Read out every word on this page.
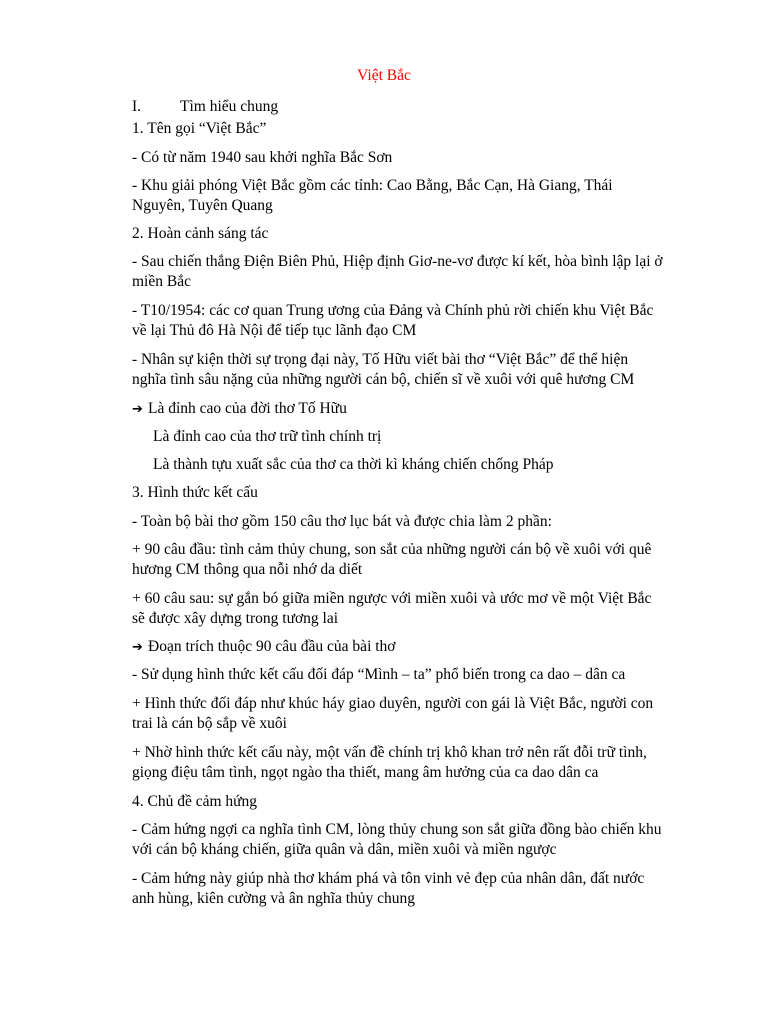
Việt Bắc
I.	Tìm hiểu chung
1. Tên gọi “Việt Bắc”
- Có từ năm 1940 sau khởi nghĩa Bắc Sơn
- Khu giải phóng Việt Bắc gồm các tỉnh: Cao Bằng, Bắc Cạn, Hà Giang, Thái
Nguyên, Tuyên Quang
2. Hoàn cảnh sáng tác
- Sau chiến thắng Điện Biên Phủ, Hiệp định Giơ-ne-vơ được kí kết, hòa bình lập lại ở
miền Bắc
- T10/1954: các cơ quan Trung ương của Đảng và Chính phủ rời chiến khu Việt Bắc
về lại Thủ đô Hà Nội để tiếp tục lãnh đạo CM
- Nhân sự kiện thời sự trọng đại này, Tố Hữu viết bài thơ “Việt Bắc” để thể hiện
nghĩa tình sâu nặng của những người cán bộ, chiến sĩ về xuôi với quê hương CM
➔ Là đỉnh cao của đời thơ Tố Hữu
Là đỉnh cao của thơ trữ tình chính trị
Là thành tựu xuất sắc của thơ ca thời kì kháng chiến chống Pháp
3. Hình thức kết cấu
- Toàn bộ bài thơ gồm 150 câu thơ lục bát và được chia làm 2 phần:
+ 90 câu đầu: tình cảm thủy chung, son sắt của những người cán bộ về xuôi với quê
hương CM thông qua nỗi nhớ da diết
+ 60 câu sau: sự gắn bó giữa miền ngược với miền xuôi và ước mơ về một Việt Bắc
sẽ được xây dựng trong tương lai
➔ Đoạn trích thuộc 90 câu đầu của bài thơ
- Sử dụng hình thức kết cấu đối đáp “Mình – ta” phổ biến trong ca dao – dân ca
+ Hình thức đối đáp như khúc háy giao duyên, người con gái là Việt Bắc, người con
trai là cán bộ sắp về xuôi
+ Nhờ hình thức kết cấu này, một vấn đề chính trị khô khan trở nên rất đỗi trữ tình,
giọng điệu tâm tình, ngọt ngào tha thiết, mang âm hưởng của ca dao dân ca
4. Chủ đề cảm hứng
- Cảm hứng ngợi ca nghĩa tình CM, lòng thủy chung son sắt giữa đồng bào chiến khu
với cán bộ kháng chiến, giữa quân và dân, miền xuôi và miền ngược
- Cảm hứng này giúp nhà thơ khám phá và tôn vinh vẻ đẹp của nhân dân, đất nước
anh hùng, kiên cường và ân nghĩa thủy chung
